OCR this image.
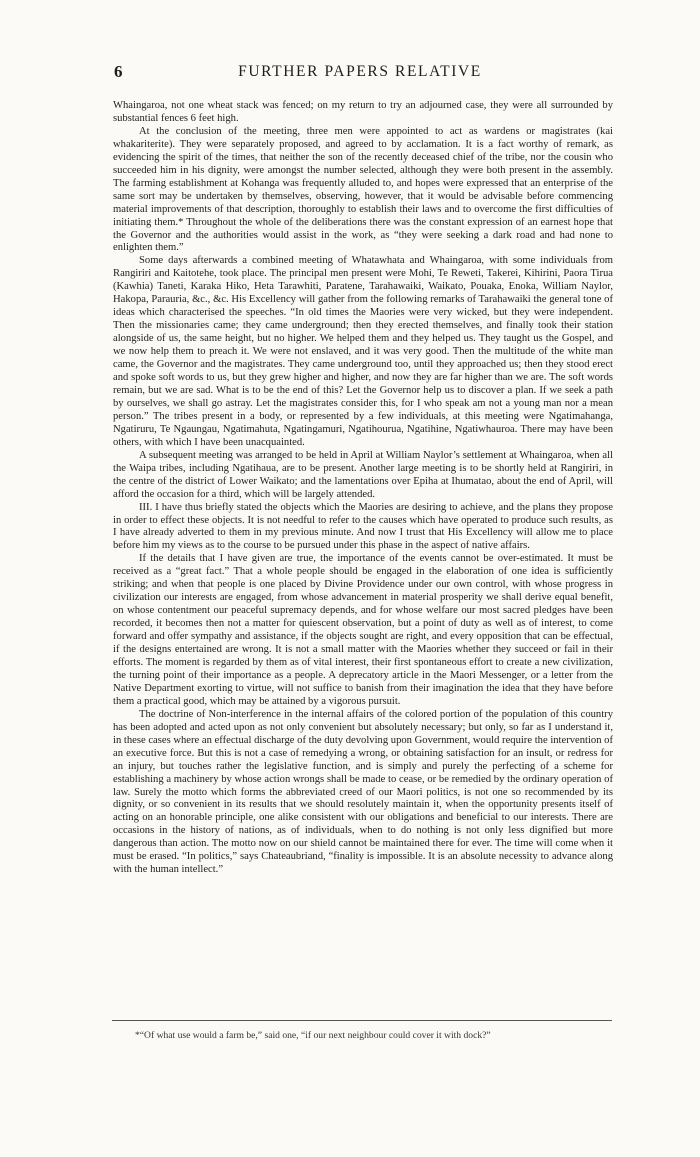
6	FURTHER PAPERS RELATIVE

Whaingaroa, not one wheat stack was fenced; on my return to try an adjourned case, they were all surrounded by substantial fences 6 feet high.

At the conclusion of the meeting, three men were appointed to act as wardens or magistrates (kai whakariterite). They were separately proposed, and agreed to by acclamation. It is a fact worthy of remark, as evidencing the spirit of the times, that neither the son of the recently deceased chief of the tribe, nor the cousin who succeeded him in his dignity, were amongst the number selected, although they were both present in the assembly. The farming establishment at Kohanga was frequently alluded to, and hopes were expressed that an enterprise of the same sort may be undertaken by themselves, observing, however, that it would be advisable before commencing material improvements of that description, thoroughly to establish their laws and to overcome the first difficulties of initiating them.* Throughout the whole of the deliberations there was the constant expression of an earnest hope that the Governor and the authorities would assist in the work, as “they were seeking a dark road and had none to enlighten them.”

Some days afterwards a combined meeting of Whatawhata and Whaingaroa, with some individuals from Rangiriri and Kaitotehe, took place. The principal men present were Mohi, Te Reweti, Takerei, Kihirini, Paora Tirua (Kawhia) Taneti, Karaka Hiko, Heta Tarawhiti, Paratene, Tarahawaiki, Waikato, Pouaka, Enoka, William Naylor, Hakopa, Parauria, &c., &c. His Excellency will gather from the following remarks of Tarahawaiki the general tone of ideas which characterised the speeches. “In old times the Maories were very wicked, but they were independent. Then the missionaries came; they came underground; then they erected themselves, and finally took their station alongside of us, the same height, but no higher. We helped them and they helped us. They taught us the Gospel, and we now help them to preach it. We were not enslaved, and it was very good. Then the multitude of the white man came, the Governor and the magistrates. They came underground too, until they approached us; then they stood erect and spoke soft words to us, but they grew higher and higher, and now they are far higher than we are. The soft words remain, but we are sad. What is to be the end of this? Let the Governor help us to discover a plan. If we seek a path by ourselves, we shall go astray. Let the magistrates consider this, for I who speak am not a young man nor a mean person.” The tribes present in a body, or represented by a few individuals, at this meeting were Ngatimahanga, Ngatiruru, Te Ngaungau, Ngatimahuta, Ngatingamuri, Ngatihourua, Ngatihine, Ngatiwhauroa. There may have been others, with which I have been unacquainted.

A subsequent meeting was arranged to be held in April at William Naylor’s settlement at Whaingaroa, when all the Waipa tribes, including Ngatihaua, are to be present. Another large meeting is to be shortly held at Rangiriri, in the centre of the district of Lower Waikato; and the lamentations over Epiha at Ihumatao, about the end of April, will afford the occasion for a third, which will be largely attended.

III. I have thus briefly stated the objects which the Maories are desiring to achieve, and the plans they propose in order to effect these objects. It is not needful to refer to the causes which have operated to produce such results, as I have already adverted to them in my previous minute. And now I trust that His Excellency will allow me to place before him my views as to the course to be pursued under this phase in the aspect of native affairs.

If the details that I have given are true, the importance of the events cannot be over-estimated. It must be received as a “great fact.” That a whole people should be engaged in the elaboration of one idea is sufficiently striking; and when that people is one placed by Divine Providence under our own control, with whose progress in civilization our interests are engaged, from whose advancement in material prosperity we shall derive equal benefit, on whose contentment our peaceful supremacy depends, and for whose welfare our most sacred pledges have been recorded, it becomes then not a matter for quiescent observation, but a point of duty as well as of interest, to come forward and offer sympathy and assistance, if the objects sought are right, and every opposition that can be effectual, if the designs entertained are wrong. It is not a small matter with the Maories whether they succeed or fail in their efforts. The moment is regarded by them as of vital interest, their first spontaneous effort to create a new civilization, the turning point of their importance as a people. A deprecatory article in the Maori Messenger, or a letter from the Native Department exorting to virtue, will not suffice to banish from their imagination the idea that they have before them a practical good, which may be attained by a vigorous pursuit.

The doctrine of Non-interference in the internal affairs of the colored portion of the population of this country has been adopted and acted upon as not only convenient but absolutely necessary; but only, so far as I understand it, in these cases where an effectual discharge of the duty devolving upon Government, would require the intervention of an executive force. But this is not a case of remedying a wrong, or obtaining satisfaction for an insult, or redress for an injury, but touches rather the legislative function, and is simply and purely the perfecting of a scheme for establishing a machinery by whose action wrongs shall be made to cease, or be remedied by the ordinary operation of law. Surely the motto which forms the abbreviated creed of our Maori politics, is not one so recommended by its dignity, or so convenient in its results that we should resolutely maintain it, when the opportunity presents itself of acting on an honorable principle, one alike consistent with our obligations and beneficial to our interests. There are occasions in the history of nations, as of individuals, when to do nothing is not only less dignified but more dangerous than action. The motto now on our shield cannot be maintained there for ever. The time will come when it must be erased. “In politics,” says Chateaubriand, “finality is impossible. It is an absolute necessity to advance along with the human intellect.”

*“Of what use would a farm be,” said one, “if our next neighbour could cover it with dock?”
